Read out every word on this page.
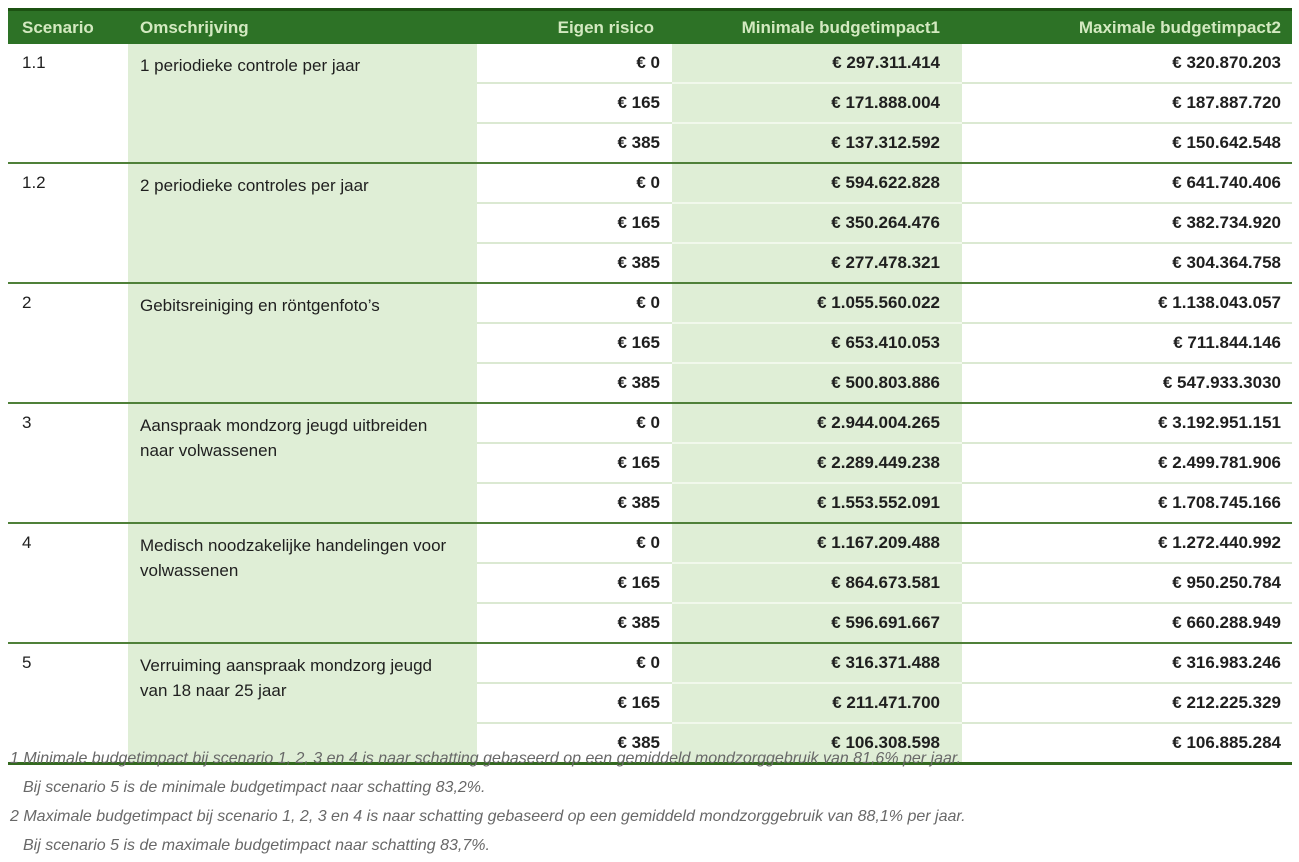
Scenario	Omschrijving	Eigen risico	Minimale budgetimpact1	Maximale budgetimpact2
1.1	1 periodieke controle per jaar	€ 0	€ 297.311.414	€ 320.870.203
		€ 165	€ 171.888.004	€ 187.887.720
		€ 385	€ 137.312.592	€ 150.642.548
1.2	2 periodieke controles per jaar	€ 0	€ 594.622.828	€ 641.740.406
		€ 165	€ 350.264.476	€ 382.734.920
		€ 385	€ 277.478.321	€ 304.364.758
2	Gebitsreiniging en röntgenfoto’s	€ 0	€ 1.055.560.022	€ 1.138.043.057
		€ 165	€ 653.410.053	€ 711.844.146
		€ 385	€ 500.803.886	€ 547.933.3030
3	Aanspraak mondzorg jeugd uitbreiden naar volwassenen	€ 0	€ 2.944.004.265	€ 3.192.951.151
		€ 165	€ 2.289.449.238	€ 2.499.781.906
		€ 385	€ 1.553.552.091	€ 1.708.745.166
4	Medisch noodzakelijke handelingen voor volwassenen	€ 0	€ 1.167.209.488	€ 1.272.440.992
		€ 165	€ 864.673.581	€ 950.250.784
		€ 385	€ 596.691.667	€ 660.288.949
5	Verruiming aanspraak mondzorg jeugd van 18 naar 25 jaar	€ 0	€ 316.371.488	€ 316.983.246
		€ 165	€ 211.471.700	€ 212.225.329
		€ 385	€ 106.308.598	€ 106.885.284
1 Minimale budgetimpact bij scenario 1, 2, 3 en 4 is naar schatting gebaseerd op een gemiddeld mondzorggebruik van 81,6% per jaar.
Bij scenario 5 is de minimale budgetimpact naar schatting 83,2%.
2 Maximale budgetimpact bij scenario 1, 2, 3 en 4 is naar schatting gebaseerd op een gemiddeld mondzorggebruik van 88,1% per jaar.
Bij scenario 5 is de maximale budgetimpact naar schatting 83,7%.
